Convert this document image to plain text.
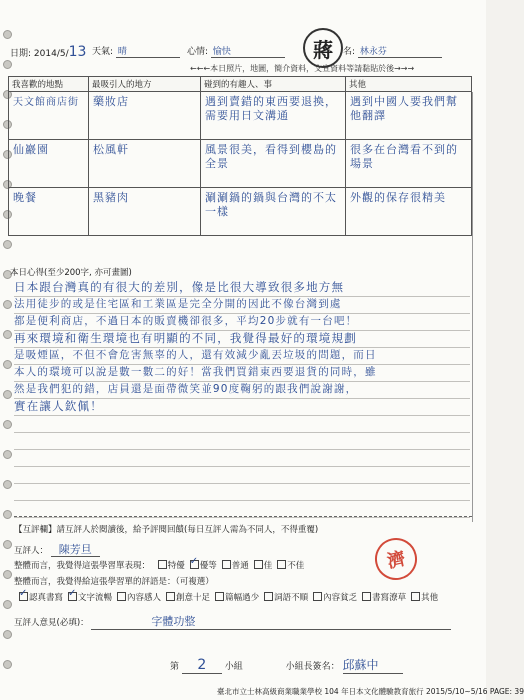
日期: 2014/5/13 天氣: 晴	心情: 愉快	蔣 名: 林永芬
←←←本日照片，地圖，簡介資料，文宣資料等請黏貼於後→→→
我喜歡的地點	最吸引人的地方	碰到的有趣人、事	其他
天文館商店街	藥妝店	遇到賣錯的東西要退換，需要用日文溝通	遇到中國人要我們幫他翻譯
仙巖園	松風軒	風景很美，看得到櫻島的全景	很多在台灣看不到的場景
晚餐	黑豬肉	涮涮鍋的鍋與台灣的不太一樣	外觀的保存很精美
本日心得(至少200字, 亦可畫圖)
日本跟台灣真的有很大的差別，像是比很大導致很多地方無
法用徒步的或是住宅區和工業區是完全分開的因此不像台灣到處
都是便利商店，不過日本的販賣機卻很多，平均20步就有一台吧！
再來環境和衛生環境也有明顯的不同，我覺得最好的環境規劃
是吸煙區，不但不會危害無辜的人，還有效減少亂丟垃圾的問題，而日
本人的環境可以說是數一數二的好！當我們買錯東西要退貨的同時，雖
然是我們犯的錯，店員還是面帶微笑並90度鞠躬的跟我們說謝謝，
實在讓人欽佩！
【互評欄】請互評人於閱讀後，給予評閱回饋(每日互評人需為不同人，不得重覆)
互評人： 陳芳旦
整體而言，我覺得這張學習單表現： 特優 ✓ 優等 普通 佳 不佳
整體而言，我覺得給這張學習單的評語是：（可複選）
✓認真書寫 ✓ 文字流暢 內容感人 創意十足 篇幅過少 詞語不順 內容貧乏 書寫潦草 其他
互評人意見(必填)：	字體功整
濟
第 2 小組	小組長簽名： 邱蘇中
臺北市立士林高級商業職業學校 104 年日本文化體驗教育旅行 2015/5/10~5/16 PAGE: 39
